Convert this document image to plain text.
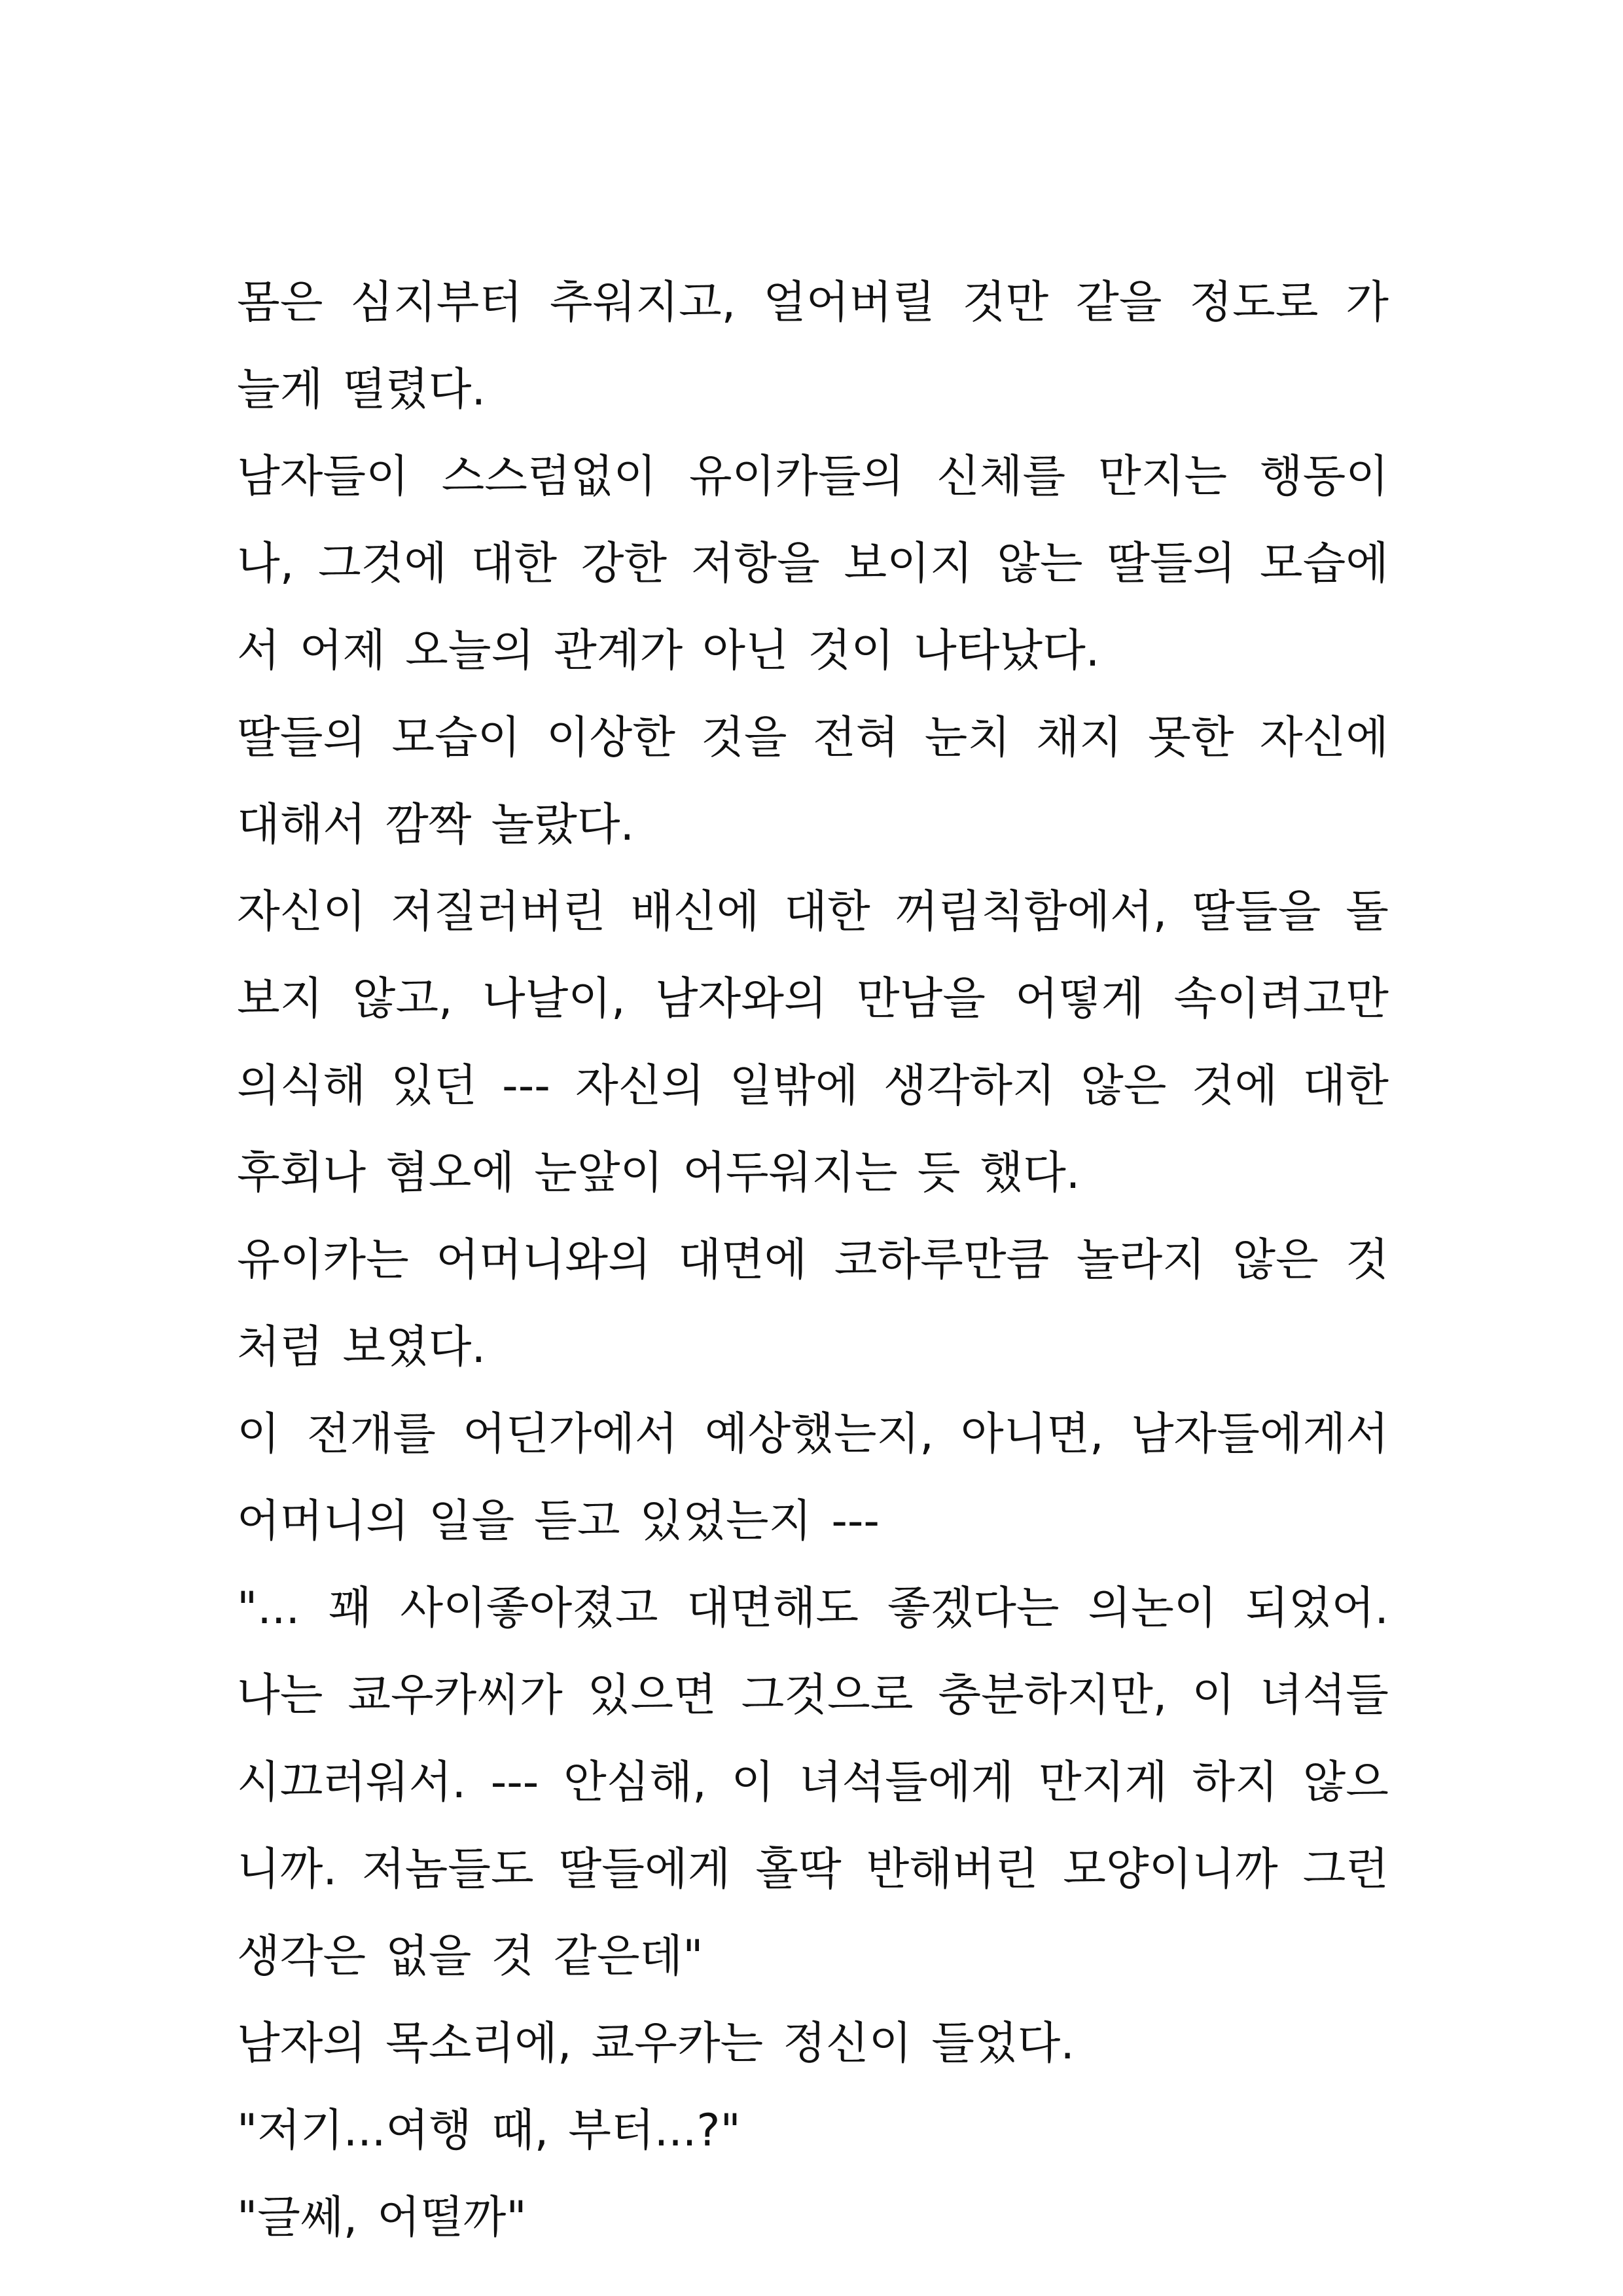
몸은 심지부터 추워지고, 얼어버릴 것만 같을 정도로 가
늘게 떨렸다.
남자들이 스스럼없이 유이카들의 신체를 만지는 행동이
나, 그것에 대한 강한 저항을 보이지 않는 딸들의 모습에
서 어제 오늘의 관계가 아닌 것이 나타났다.
딸들의 모습이 이상한 것을 전혀 눈치 채지 못한 자신에
대해서 깜짝 놀랐다.
자신이 저질러버린 배신에 대한 꺼림칙함에서, 딸들을 돌
보지 않고, 나날이, 남자와의 만남을 어떻게 속이려고만
의식해 있던 --- 자신의 일밖에 생각하지 않은 것에 대한
후회나 혐오에 눈앞이 어두워지는 듯 했다.
유이카는 어머니와의 대면에 코하루만큼 놀라지 않은 것
처럼 보였다.
이 전개를 어딘가에서 예상했는지, 아니면, 남자들에게서
어머니의 일을 듣고 있었는지 ---
"... 꽤 사이좋아졌고 대면해도 좋겠다는 의논이 되었어.
나는 쿄우카씨가 있으면 그것으로 충분하지만, 이 녀석들
시끄러워서. --- 안심해, 이 녀석들에게 만지게 하지 않으
니까. 저놈들도 딸들에게 홀딱 반해버린 모양이니까 그런
생각은 없을 것 같은데"
남자의 목소리에, 쿄우카는 정신이 들었다.
"저기...여행 때, 부터...?"
"글쎄, 어떨까"
